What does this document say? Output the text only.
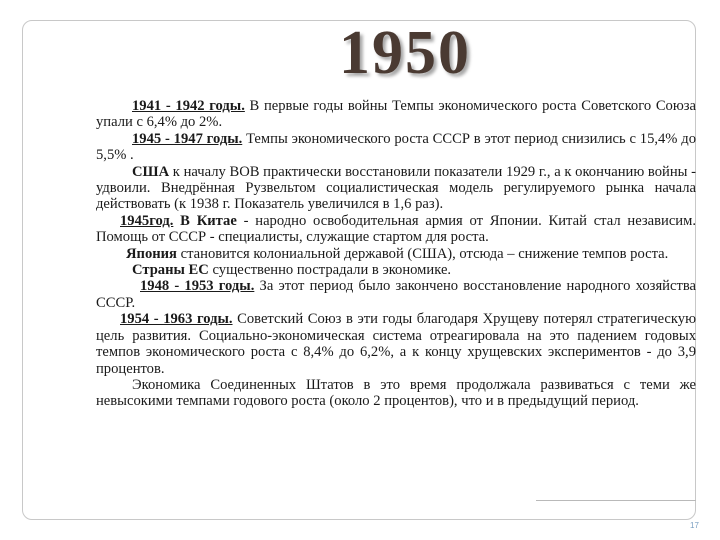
1950

1941 - 1942 годы. В первые годы войны Темпы экономического роста Советского Союза упали с 6,4% до 2%.

1945 - 1947 годы. Темпы экономического роста СССР в этот период снизились с 15,4% до 5,5% .

США к началу ВОВ практически восстановили показатели 1929 г., а к окончанию войны - удвоили. Внедрённая Рузвельтом социалистическая модель регулируемого рынка начала действовать (к 1938 г. Показатель увеличился в 1,6 раз).

1945год. В Китае - народно освободительная армия от Японии. Китай стал независим. Помощь от СССР - специалисты, служащие стартом для роста.

Япония становится колониальной державой (США), отсюда – снижение темпов роста.

Страны ЕС существенно пострадали в экономике.

1948 - 1953 годы. За этот период было закончено восстановление народного хозяйства СССР.

1954 - 1963 годы. Советский Союз в эти годы благодаря Хрущеву потерял стратегическую цель развития. Социально-экономическая система отреагировала на это падением годовых темпов экономического роста с 8,4% до 6,2%, а к концу хрущевских экспериментов - до 3,9 процентов.

Экономика Соединенных Штатов в это время продолжала развиваться с теми же невысокими темпами годового роста (около 2 процентов), что и в предыдущий период.

17
